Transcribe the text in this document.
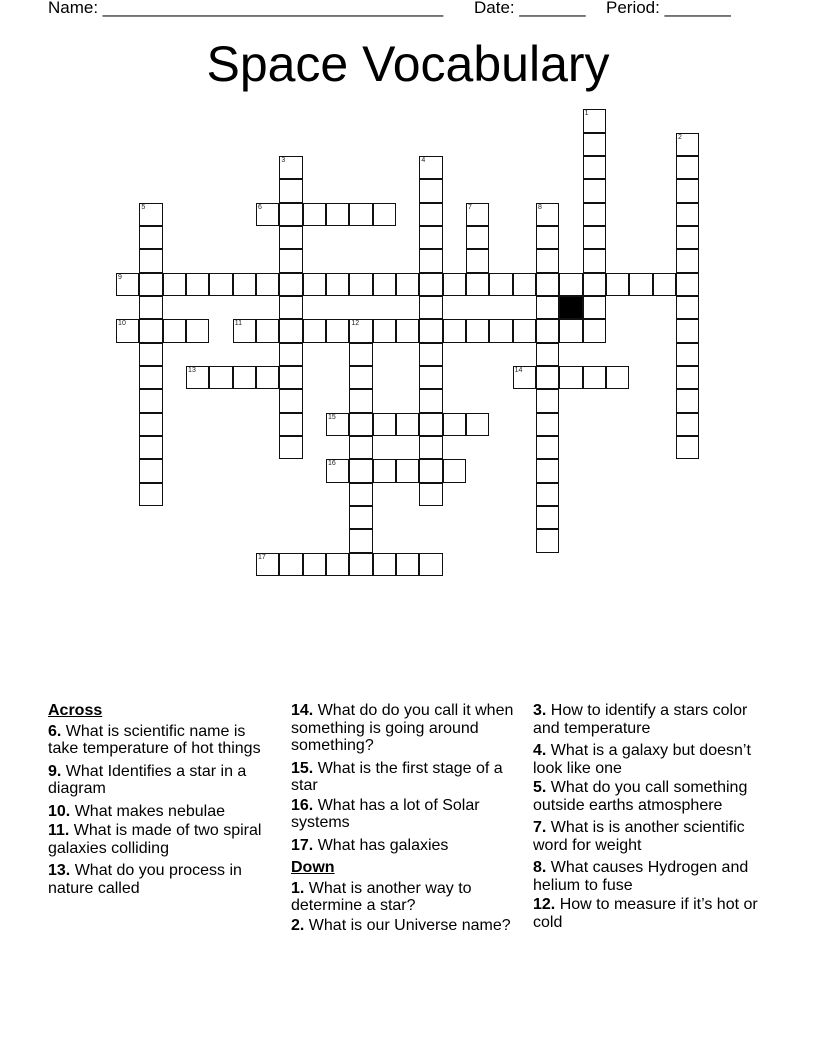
Name: ____________________________________ Date: _______ Period: _______
Space Vocabulary
1
2
3	4
5	6	7	8
9
10	11	12
13	14
15
16
17
Across
6. What is scientific name is take temperature of hot things
9. What Identifies a star in a diagram
10. What makes nebulae
11. What is made of two spiral galaxies colliding
13. What do you process in nature called
14. What do do you call it when something is going around something?
15. What is the first stage of a star
16. What has a lot of Solar systems
17. What has galaxies
Down
1. What is another way to determine a star?
2. What is our Universe name?
3. How to identify a stars color and temperature
4. What is a galaxy but doesn’t look like one
5. What do you call something outside earths atmosphere
7. What is is another scientific word for weight
8. What causes Hydrogen and helium to fuse
12. How to measure if it’s hot or cold
